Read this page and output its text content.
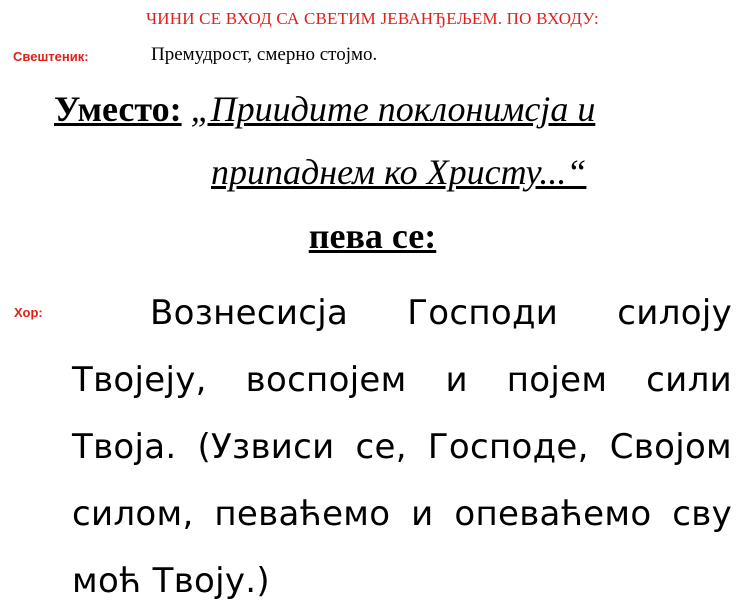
ЧИНИ СЕ ВХОД СА СВЕТИМ ЈЕВАНЂЕЉЕМ. ПО ВХОДУ:
Свештеник:	Премудрост, смерно стојмо.
Уместо: „Приидите поклонимсја и
припаднем ко Христу...“
пева се:
Хор:	Вознесисја Господи силоју Твојеју, воспојем и појем сили Твоја. (Узвиси се, Господе, Својом силом, певаћемо и опеваћемо сву моћ Твоју.)
